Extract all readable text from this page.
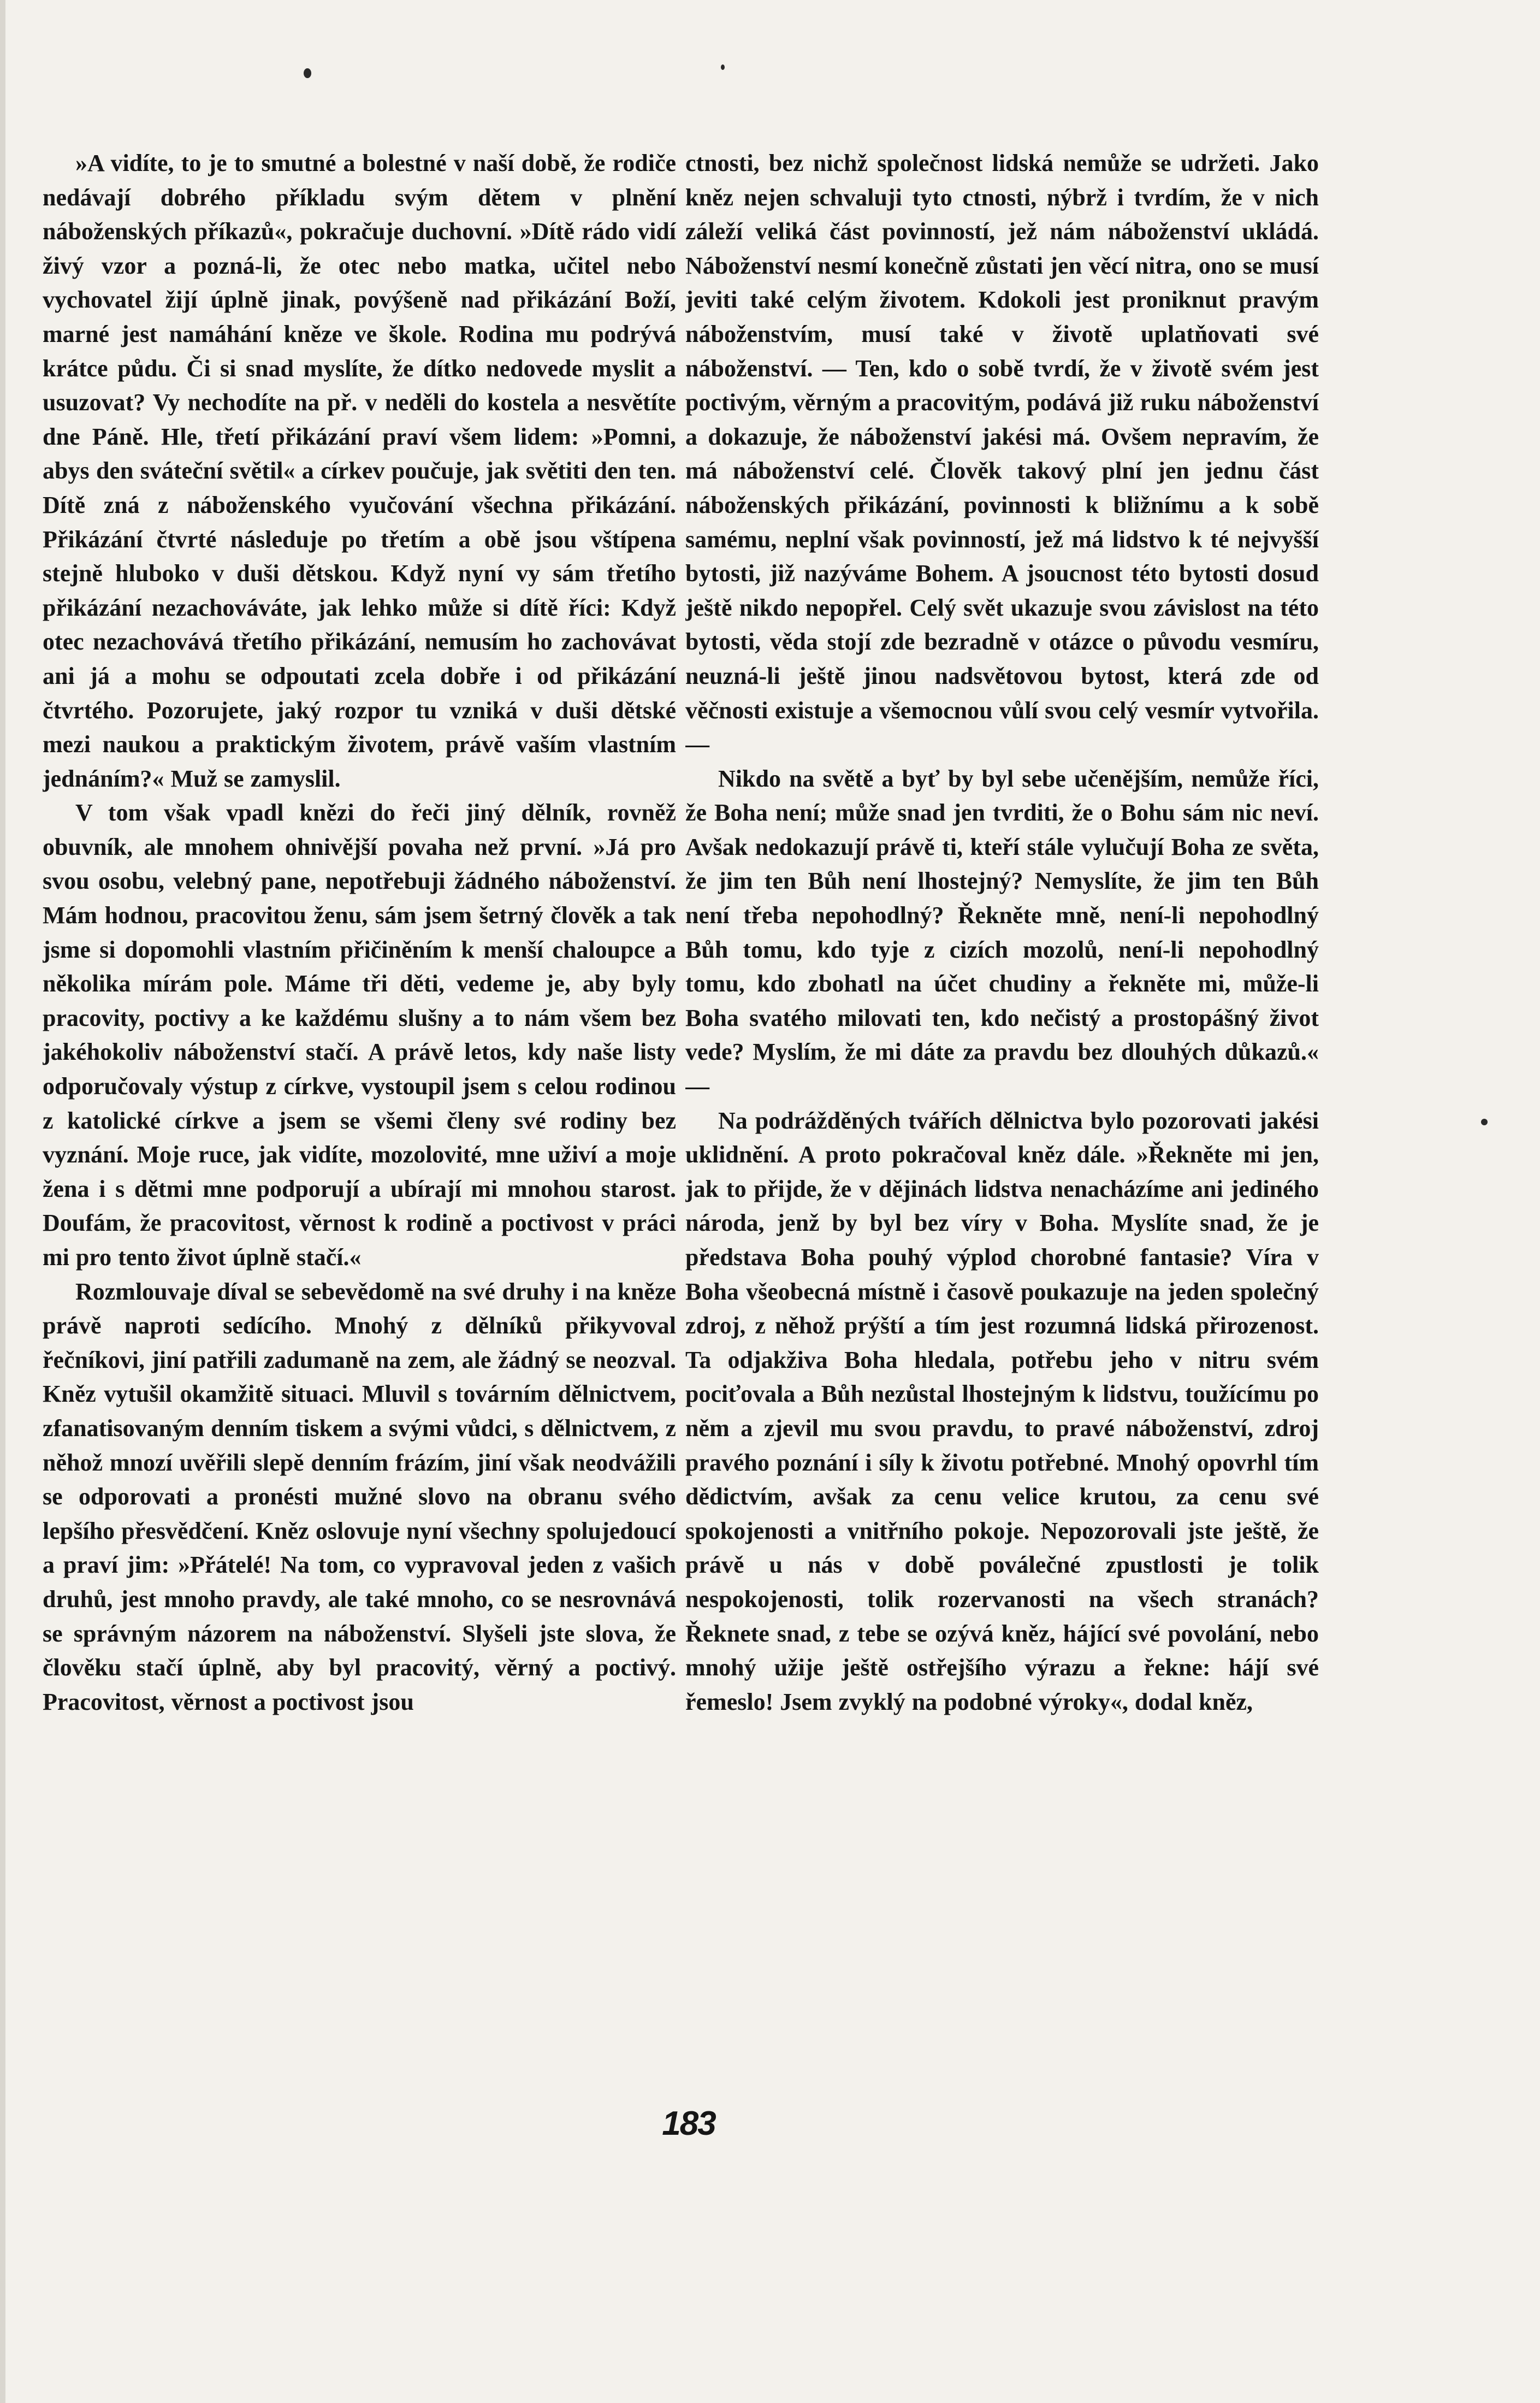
»A vidíte, to je to smutné a bolestné v naší době, že rodiče nedávají dobrého příkladu svým dětem v plnění náboženských příkazů«, pokračuje duchovní. »Dítě rádo vidí živý vzor a pozná-li, že otec nebo matka, učitel nebo vychovatel žijí úplně jinak, povýšeně nad přikázání Boží, marné jest namáhání kněze ve škole. Rodina mu podrývá krátce půdu. Či si snad myslíte, že dítko nedovede myslit a usuzovat? Vy nechodíte na př. v neděli do kostela a nesvětíte dne Páně. Hle, třetí přikázání praví všem lidem: »Pomni, abys den sváteční světil« a církev poučuje, jak světiti den ten. Dítě zná z náboženského vyučování všechna přikázání. Přikázání čtvrté následuje po třetím a obě jsou vštípena stejně hluboko v duši dětskou. Když nyní vy sám třetího přikázání nezachováváte, jak lehko může si dítě říci: Když otec nezachovává třetího přikázání, nemusím ho zachovávat ani já a mohu se odpoutati zcela dobře i od přikázání čtvrtého. Pozorujete, jaký rozpor tu vzniká v duši dětské mezi naukou a praktickým životem, právě vaším vlastním jednáním?« Muž se zamyslil.

V tom však vpadl knězi do řeči jiný dělník, rovněž obuvník, ale mnohem ohnivější povaha než první. »Já pro svou osobu, velebný pane, nepotřebuji žádného náboženství. Mám hodnou, pracovitou ženu, sám jsem šetrný člověk a tak jsme si dopomohli vlastním přičiněním k menší chaloupce a několika mírám pole. Máme tři děti, vedeme je, aby byly pracovity, poctivy a ke každému slušny a to nám všem bez jakéhokoliv náboženství stačí. A právě letos, kdy naše listy odporučovaly výstup z církve, vystoupil jsem s celou rodinou z katolické církve a jsem se všemi členy své rodiny bez vyznání. Moje ruce, jak vidíte, mozolovité, mne uživí a moje žena i s dětmi mne podporují a ubírají mi mnohou starost. Doufám, že pracovitost, věrnost k rodině a poctivost v práci mi pro tento život úplně stačí.«

Rozmlouvaje díval se sebevědomě na své druhy i na kněze právě naproti sedícího. Mnohý z dělníků přikyvoval řečníkovi, jiní patřili zadumaně na zem, ale žádný se neozval. Kněz vytušil okamžitě situaci. Mluvil s továrním dělnictvem, zfanatisovaným denním tiskem a svými vůdci, s dělnictvem, z něhož mnozí uvěřili slepě denním frázím, jiní však neodvážili se odporovati a pronésti mužné slovo na obranu svého lepšího přesvědčení. Kněz oslovuje nyní všechny spolujedoucí a praví jim: »Přátelé! Na tom, co vypravoval jeden z vašich druhů, jest mnoho pravdy, ale také mnoho, co se nesrovnává se správným názorem na náboženství. Slyšeli jste slova, že člověku stačí úplně, aby byl pracovitý, věrný a poctivý. Pracovitost, věrnost a poctivost jsou

ctnosti, bez nichž společnost lidská nemůže se udržeti. Jako kněz nejen schvaluji tyto ctnosti, nýbrž i tvrdím, že v nich záleží veliká část povinností, jež nám náboženství ukládá. Náboženství nesmí konečně zůstati jen věcí nitra, ono se musí jeviti také celým životem. Kdokoli jest proniknut pravým náboženstvím, musí také v životě uplatňovati své náboženství. — Ten, kdo o sobě tvrdí, že v životě svém jest poctivým, věrným a pracovitým, podává již ruku náboženství a dokazuje, že náboženství jakési má. Ovšem nepravím, že má náboženství celé. Člověk takový plní jen jednu část náboženských přikázání, povinnosti k bližnímu a k sobě samému, neplní však povinností, jež má lidstvo k té nejvyšší bytosti, již nazýváme Bohem. A jsoucnost této bytosti dosud ještě nikdo nepopřel. Celý svět ukazuje svou závislost na této bytosti, věda stojí zde bezradně v otázce o původu vesmíru, neuzná-li ještě jinou nadsvětovou bytost, která zde od věčnosti existuje a všemocnou vůlí svou celý vesmír vytvořila. —

Nikdo na světě a byť by byl sebe učenějším, nemůže říci, že Boha není; může snad jen tvrditi, že o Bohu sám nic neví. Avšak nedokazují právě ti, kteří stále vylučují Boha ze světa, že jim ten Bůh není lhostejný? Nemyslíte, že jim ten Bůh není třeba nepohodlný? Řekněte mně, není-li nepohodlný Bůh tomu, kdo tyje z cizích mozolů, není-li nepohodlný tomu, kdo zbohatl na účet chudiny a řekněte mi, může-li Boha svatého milovati ten, kdo nečistý a prostopášný život vede? Myslím, že mi dáte za pravdu bez dlouhých důkazů.« —

Na podrážděných tvářích dělnictva bylo pozorovati jakési uklidnění. A proto pokračoval kněz dále. »Řekněte mi jen, jak to přijde, že v dějinách lidstva nenacházíme ani jediného národa, jenž by byl bez víry v Boha. Myslíte snad, že je představa Boha pouhý výplod chorobné fantasie? Víra v Boha všeobecná místně i časově poukazuje na jeden společný zdroj, z něhož prýští a tím jest rozumná lidská přirozenost. Ta odjakživa Boha hledala, potřebu jeho v nitru svém pociťovala a Bůh nezůstal lhostejným k lidstvu, toužícímu po něm a zjevil mu svou pravdu, to pravé náboženství, zdroj pravého poznání i síly k životu potřebné. Mnohý opovrhl tím dědictvím, avšak za cenu velice krutou, za cenu své spokojenosti a vnitřního pokoje. Nepozorovali jste ještě, že právě u nás v době poválečné zpustlosti je tolik nespokojenosti, tolik rozervanosti na všech stranách? Řeknete snad, z tebe se ozývá kněz, hájící své povolání, nebo mnohý užije ještě ostřejšího výrazu a řekne: hájí své řemeslo! Jsem zvyklý na podobné výroky«, dodal kněz,

183
